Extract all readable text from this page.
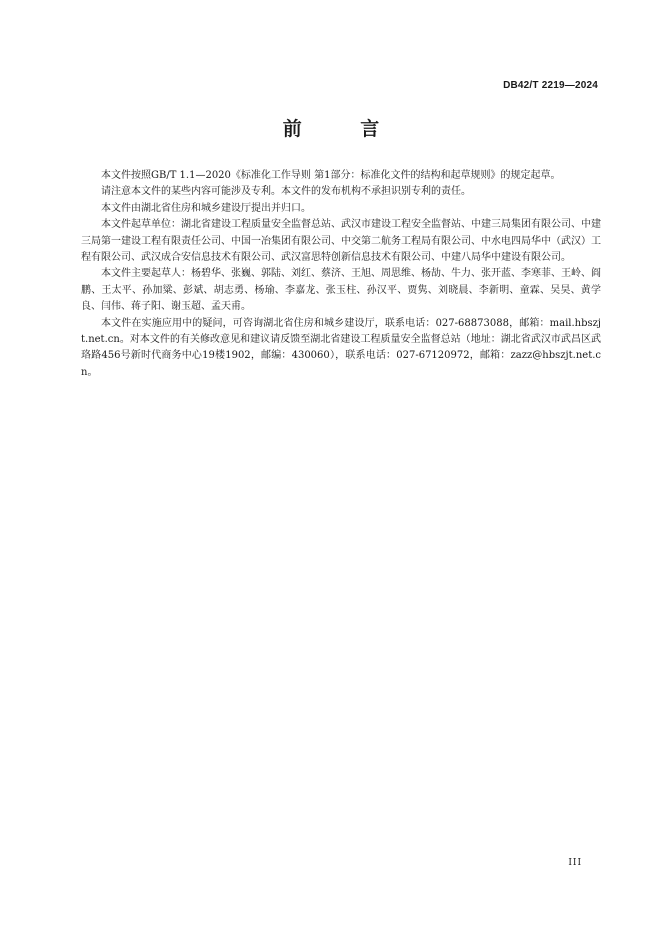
DB42/T 2219—2024
前 言

本文件按照GB/T 1.1—2020《标准化工作导则 第1部分：标准化文件的结构和起草规则》的规定起草。

请注意本文件的某些内容可能涉及专利。本文件的发布机构不承担识别专利的责任。

本文件由湖北省住房和城乡建设厅提出并归口。

本文件起草单位：湖北省建设工程质量安全监督总站、武汉市建设工程安全监督站、中建三局集团有限公司、中建三局第一建设工程有限责任公司、中国一冶集团有限公司、中交第二航务工程局有限公司、中水电四局华中（武汉）工程有限公司、武汉成合安信息技术有限公司、武汉富思特创新信息技术有限公司、中建八局华中建设有限公司。

本文件主要起草人：杨碧华、张巍、郭陆、刘红、蔡济、王旭、周思维、杨劼、牛力、张开蓝、李寒菲、王岭、阎鹏、王太平、孙加粱、彭斌、胡志勇、杨瑜、李嘉龙、张玉柱、孙汉平、贾隽、刘晓晨、李新明、童霖、吴昊、黄学良、闫伟、蒋子阳、谢玉超、孟天甫。

本文件在实施应用中的疑问，可咨询湖北省住房和城乡建设厅，联系电话：027-68873088，邮箱：mail.hbszjt.net.cn。对本文件的有关修改意见和建议请反馈至湖北省建设工程质量安全监督总站（地址：湖北省武汉市武昌区武珞路456号新时代商务中心19楼1902，邮编：430060），联系电话：027-67120972，邮箱：zazz@hbszjt.net.cn。

III
